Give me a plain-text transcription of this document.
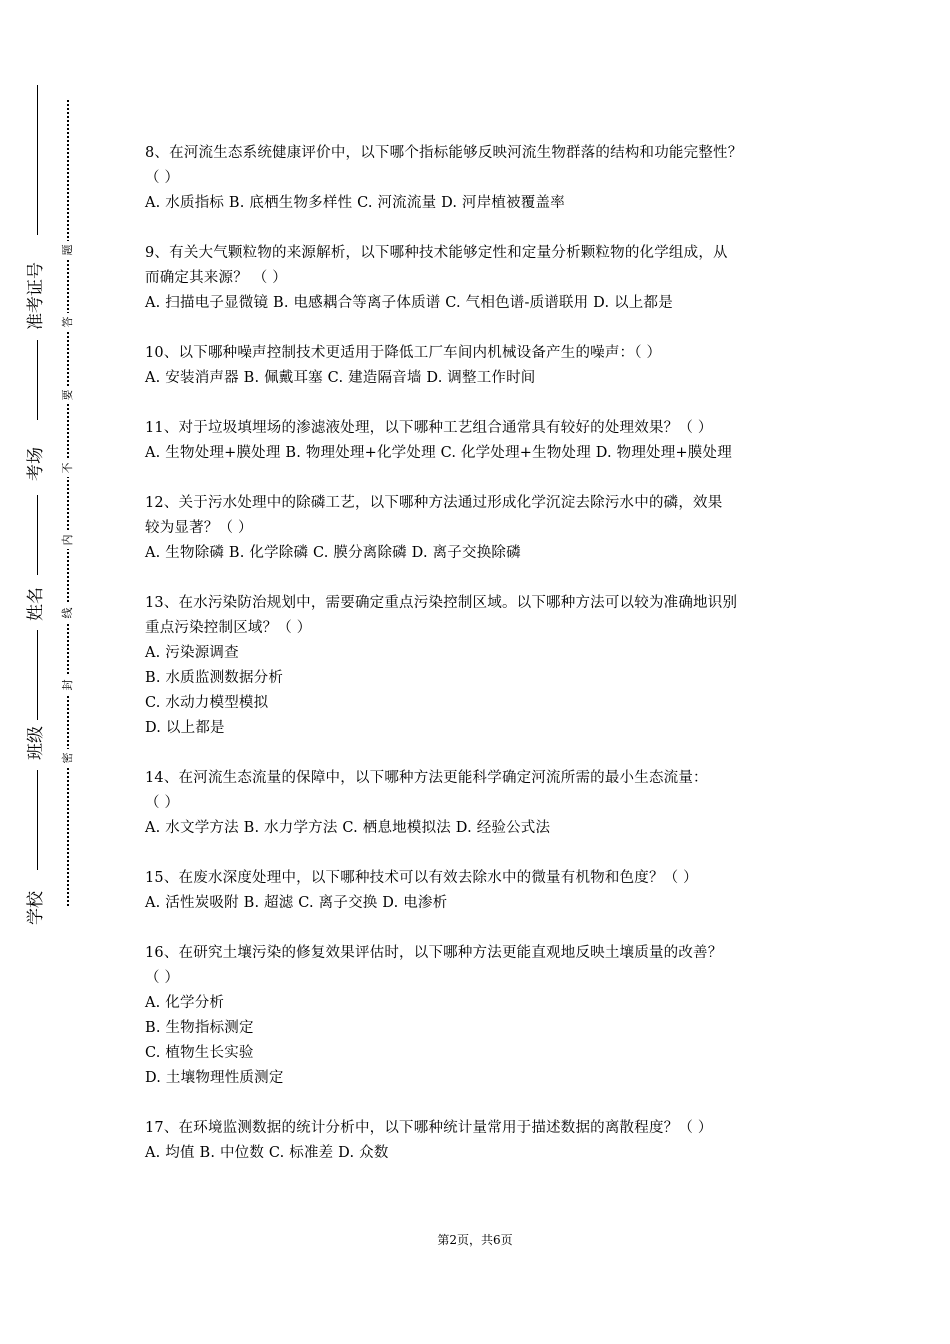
准考证号
考场
姓名
班级
学校
题
答
要
不
内
线
封
密
8、在河流生态系统健康评价中，以下哪个指标能够反映河流生物群落的结构和功能完整性？
（ ）
A. 水质指标 B. 底栖生物多样性 C. 河流流量 D. 河岸植被覆盖率
9、有关大气颗粒物的来源解析，以下哪种技术能够定性和定量分析颗粒物的化学组成，从
而确定其来源？ （ ）
A. 扫描电子显微镜 B. 电感耦合等离子体质谱 C. 气相色谱-质谱联用 D. 以上都是
10、以下哪种噪声控制技术更适用于降低工厂车间内机械设备产生的噪声：（ ）
A. 安装消声器 B. 佩戴耳塞 C. 建造隔音墙 D. 调整工作时间
11、对于垃圾填埋场的渗滤液处理，以下哪种工艺组合通常具有较好的处理效果？（ ）
A. 生物处理+膜处理 B. 物理处理+化学处理 C. 化学处理+生物处理 D. 物理处理+膜处理
12、关于污水处理中的除磷工艺，以下哪种方法通过形成化学沉淀去除污水中的磷，效果
较为显著？（ ）
A. 生物除磷 B. 化学除磷 C. 膜分离除磷 D. 离子交换除磷
13、在水污染防治规划中，需要确定重点污染控制区域。以下哪种方法可以较为准确地识别
重点污染控制区域？（ ）
A. 污染源调查
B. 水质监测数据分析
C. 水动力模型模拟
D. 以上都是
14、在河流生态流量的保障中，以下哪种方法更能科学确定河流所需的最小生态流量：
（ ）
A. 水文学方法 B. 水力学方法 C. 栖息地模拟法 D. 经验公式法
15、在废水深度处理中，以下哪种技术可以有效去除水中的微量有机物和色度？（ ）
A. 活性炭吸附 B. 超滤 C. 离子交换 D. 电渗析
16、在研究土壤污染的修复效果评估时，以下哪种方法更能直观地反映土壤质量的改善？
（ ）
A. 化学分析
B. 生物指标测定
C. 植物生长实验
D. 土壤物理性质测定
17、在环境监测数据的统计分析中，以下哪种统计量常用于描述数据的离散程度？（ ）
A. 均值 B. 中位数 C. 标准差 D. 众数
第2页，共6页
